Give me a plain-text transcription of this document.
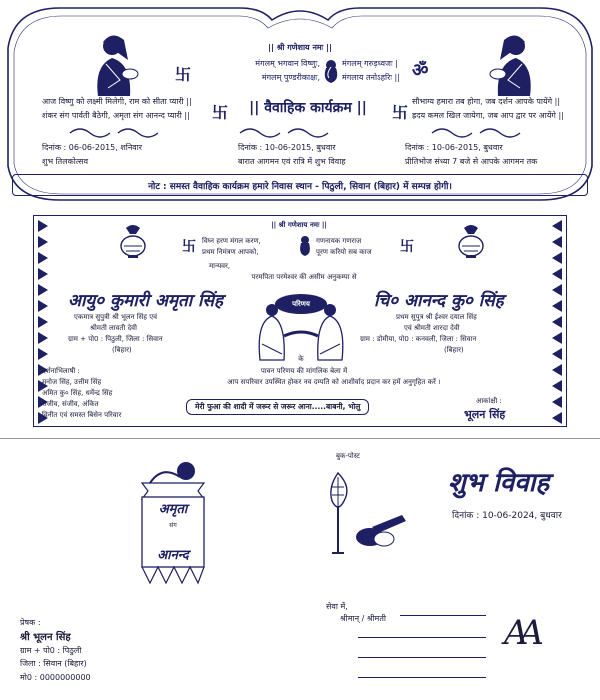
|| श्री गणेशाय नमः ||
卐
मंगलम् भगवान विष्णुः,
मंगलम् पुण्डरीकाक्षः,
मंगलम् गरुड़ध्वजः |
मंगलाय तनोऽहरिः || ॐ
आज विष्णु को लक्ष्मी मिलेगी, राम को सीता प्यारी ||
शंकर संग पार्वती बैठेगी, अमृता संग आनन्द प्यारी ||	卐	|| वैवाहिक कार्यक्रम ||	卐
सौभाग्य हमारा तब होगा, जब दर्शन आपके पायेंगे ||
ह्रदय कमल खिल जायेगा, जब आप द्वार पर आयेंगे ||
दिनांक : 06-06-2015, शनिवार
शुभ तिलकोत्सव
दिनांक : 10-06-2015, बुधवार
बारात आगमन एवं रात्रि में शुभ विवाह
दिनांक : 10-06-2015, बुधवार
प्रीतिभोज संध्या 7 बजे से आपके आगमन तक
नोट : समस्त वैवाहिक कार्यक्रम हमारे निवास स्थान - पिठुली, सिवान (बिहार) में सम्पन्न होगी।
|| श्री गणेशाय नमः ||
卐 विघ्न हरण मंगल करण,
प्रथम निमंत्रण आपको,
गणनायक गणराज
पूरण करियो सब काज	卐
मान्यवर,
परमपिता परमेश्वर की असीम अनुकम्पा से
आयु० कुमारी अमृता सिंह	चि० आनन्द कु० सिंह
परिणय
एकमात्र सुपुत्री श्री भूलन सिंह एवं
श्रीमती लावती देवी
ग्राम + पो0 : पिठुली, जिला : सिवान
(बिहार)
प्रथम सुपुत्र श्री ईश्वर दयाल सिंह
एवं श्रीमती शारदा देवी
ग्राम : डोमीया, पो0 : कनवली, जिला : सिवान
(बिहार)
के
पावन परिणय की मांगलिक बेला में
दर्शनाभिलाषी :
मनोज सिंह, उत्तीम सिंह
अमित कु० सिंह, धर्मेन्द्र सिंह
राजीव, संजीव, अंकित
विनीत एवं समस्त बिसेन परिवार
आप सपरिवार उपस्थित होकर नव दम्पति को आशीर्वाद प्रदान कर हमें अनुगृहित करें ।
मेरी फुआ की शादी में जरूर से जरूर आना.....बाबनी, भोलु
आकांक्षी :
भूलन सिंह
अमृता
संग
आनन्द
बुक-पोस्ट
शुभ विवाह
दिनांक : 10-06-2024, बुधवार
सेवा में,
श्रीमान् / श्रीमती
प्रेषक :
श्री भूलन सिंह
ग्राम + पो0 : पिठुली
जिला : सिवान (बिहार)
मो0 : 0000000000
A A
